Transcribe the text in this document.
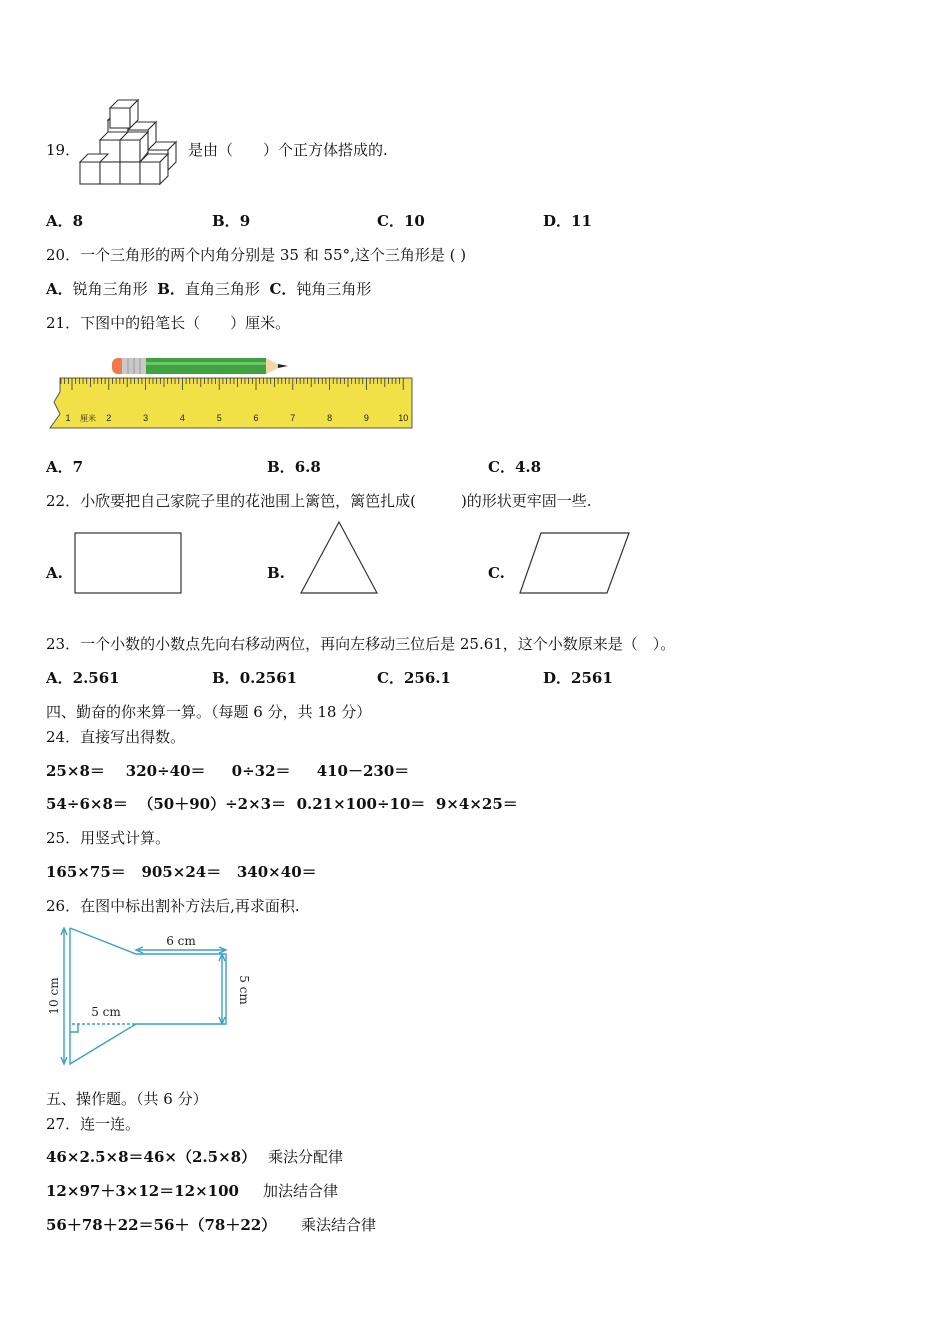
19．	是由（　　）个正方体搭成的.
A．8	B．9	C．10	D．11
20．一个三角形的两个内角分别是 35 和 55°,这个三角形是 ( )
A．锐角三角形 B．直角三角形 C．钝角三角形
21．下图中的铅笔长（　　）厘米。
2	3	4	5	6	7	8	9	10
1 厘米
A．7	B．6.8	C．4.8
22．小欣要把自己家院子里的花池围上篱笆，篱笆扎成(　　　)的形状更牢固一些.
A.	B.	C.
23．一个小数的小数点先向右移动两位，再向左移动三位后是 25.61，这个小数原来是（　）。
A．2.561	B．0.2561	C．256.1	D．2561
四、勤奋的你来算一算。（每题 6 分，共 18 分）
24．直接写出得数。
25×8＝ 320÷40＝ 0÷32＝ 410－230＝
54÷6×8＝ （50＋90）÷2×3＝ 0.21×100÷10＝ 9×4×25＝
25．用竖式计算。
165×75＝ 905×24＝ 340×40＝
26．在图中标出割补方法后,再求面积.
10 cm
6 cm
5 cm
5 cm
五、操作题。（共 6 分）
27．连一连。
46×2.5×8＝46×（2.5×8） 乘法分配律
12×97＋3×12＝12×100 加法结合律
56＋78＋22＝56＋（78＋22） 乘法结合律
